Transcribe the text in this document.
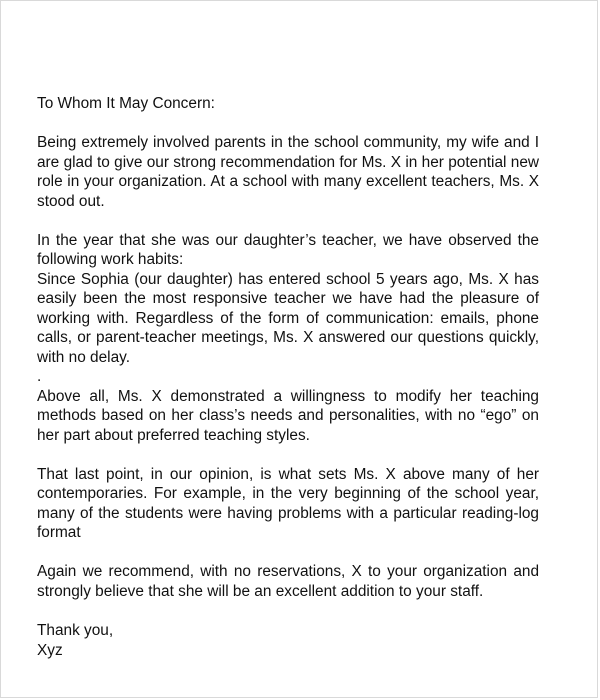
To Whom It May Concern:

Being extremely involved parents in the school community, my wife and I are glad to give our strong recommendation for Ms. X in her potential new role in your organization. At a school with many excellent teachers, Ms. X stood out.

In the year that she was our daughter’s teacher, we have observed the following work habits:

Since Sophia (our daughter) has entered school 5 years ago, Ms. X has easily been the most responsive teacher we have had the pleasure of working with. Regardless of the form of communication: emails, phone calls, or parent-teacher meetings, Ms. X answered our questions quickly, with no delay.

.

Above all, Ms. X demonstrated a willingness to modify her teaching methods based on her class’s needs and personalities, with no “ego” on her part about preferred teaching styles.

That last point, in our opinion, is what sets Ms. X above many of her contemporaries. For example, in the very beginning of the school year, many of the students were having problems with a particular reading-log format

Again we recommend, with no reservations, X to your organization and strongly believe that she will be an excellent addition to your staff.

Thank you,
Xyz
